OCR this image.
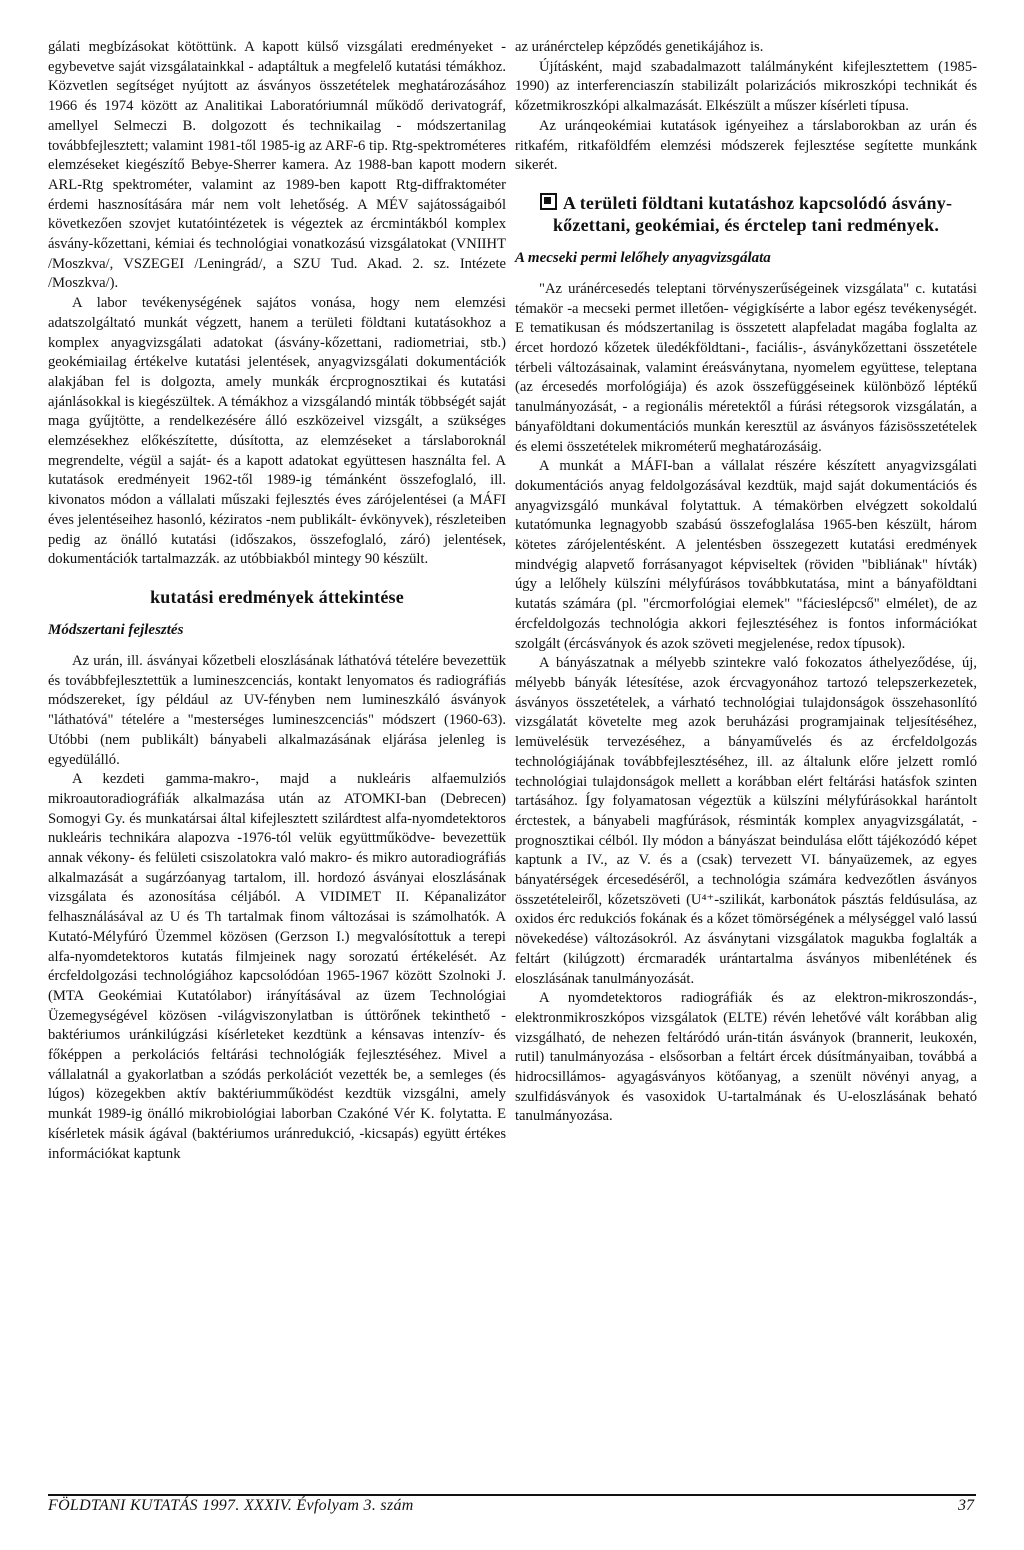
gálati megbízásokat kötöttünk. A kapott külső vizsgálati eredményeket - egybevetve saját vizsgálatainkkal - adaptáltuk a megfelelő kutatási témákhoz. Közvetlen segítséget nyújtott az ásványos összetételek meghatározásához 1966 és 1974 között az Analitikai Laboratóriumnál működő derivatográf, amellyel Selmeczi B. dolgozott és technikailag - módszertanilag továbbfejlesztett; valamint 1981-től 1985-ig az ARF-6 tip. Rtg-spektrométeres elemzéseket kiegészítő Bebye-Sherrer kamera. Az 1988-ban kapott modern ARL-Rtg spektrométer, valamint az 1989-ben kapott Rtg-diffraktométer érdemi hasznosítására már nem volt lehetőség. A MÉV sajátosságaiból következően szovjet kutatóintézetek is végeztek az ércmintákból komplex ásvány-kőzettani, kémiai és technológiai vonatkozású vizsgálatokat (VNIIHT /Moszkva/, VSZEGEI /Leningrád/, a SZU Tud. Akad. 2. sz. Intézete /Moszkva/).

A labor tevékenységének sajátos vonása, hogy nem elemzési adatszolgáltató munkát végzett, hanem a területi földtani kutatásokhoz a komplex anyagvizsgálati adatokat (ásvány-kőzettani, radiometriai, stb.) geokémiailag értékelve kutatási jelentések, anyagvizsgálati dokumentációk alakjában fel is dolgozta, amely munkák ércprognosztikai és kutatási ajánlásokkal is kiegészültek. A témákhoz a vizsgálandó minták többségét saját maga gyűjtötte, a rendelkezésére álló eszközeivel vizsgált, a szükséges elemzésekhez előkészítette, dúsította, az elemzéseket a társlaboroknál megrendelte, végül a saját- és a kapott adatokat együttesen használta fel. A kutatások eredményeit 1962-től 1989-ig témánként összefoglaló, ill. kivonatos módon a vállalati műszaki fejlesztés éves zárójelentései (a MÁFI éves jelentéseihez hasonló, kéziratos -nem publikált- évkönyvek), részleteiben pedig az önálló kutatási (időszakos, összefoglaló, záró) jelentések, dokumentációk tartalmazzák. az utóbbiakból mintegy 90 készült.

kutatási eredmények áttekintése
Módszertani fejlesztés

Az urán, ill. ásványai kőzetbeli eloszlásának láthatóvá tételére bevezettük és továbbfejlesztettük a lumineszcenciás, kontakt lenyomatos és radiográfiás módszereket, így például az UV-fényben nem lumineszkáló ásványok "láthatóvá" tételére a "mesterséges lumineszcenciás" módszert (1960-63). Utóbbi (nem publikált) bányabeli alkalmazásának eljárása jelenleg is egyedülálló.

A kezdeti gamma-makro-, majd a nukleáris alfaemulziós mikroautoradiográfiák alkalmazása után az ATOMKI-ban (Debrecen) Somogyi Gy. és munkatársai által kifejlesztett szilárdtest alfa-nyomdetektoros nukleáris technikára alapozva -1976-tól velük együttműködve- bevezettük annak vékony- és felületi csiszolatokra való makro- és mikro autoradiográfiás alkalmazását a sugárzóanyag tartalom, ill. hordozó ásványai eloszlásának vizsgálata és azonosítása céljából. A VIDIMET II. Képanalizátor felhasználásával az U és Th tartalmak finom változásai is számolhatók. A Kutató-Mélyfúró Üzemmel közösen (Gerzson I.) megvalósítottuk a terepi alfa-nyomdetektoros kutatás filmjeinek nagy sorozatú értékelését. Az ércfeldolgozási technológiához kapcsolódóan 1965-1967 között Szolnoki J. (MTA Geokémiai Kutatólabor) irányításával az üzem Technológiai Üzemegységével közösen -világviszonylatban is úttörőnek tekinthető -baktériumos uránkilúgzási kísérleteket kezdtünk a kénsavas intenzív- és főképpen a perkolációs feltárási technológiák fejlesztéséhez. Mivel a vállalatnál a gyakorlatban a szódás perkolációt vezették be, a semleges (és lúgos) közegekben aktív baktériumműködést kezdtük vizsgálni, amely munkát 1989-ig önálló mikrobiológiai laborban Czakóné Vér K. folytatta. E kísérletek másik ágával (baktériumos uránredukció, -kicsapás) együtt értékes információkat kaptunk

az uránérctelep képződés genetikájához is.

Újításként, majd szabadalmazott találmányként kifejlesztettem (1985-1990) az interferenciaszín stabilizált polarizációs mikroszkópi technikát és kőzetmikroszkópi alkalmazását. Elkészült a műszer kísérleti típusa.

Az uránqeokémiai kutatások igényeihez a társlaborokban az urán és ritkafém, ritkaföldfém elemzési módszerek fejlesztése segítette munkánk sikerét.

A területi földtani kutatáshoz kapcsolódó ásvány-kőzettani, geokémiai, és érctelep tani redmények.
A mecseki permi lelőhely anyagvizsgálata

"Az uránércesedés teleptani törvényszerűségeinek vizsgálata" c. kutatási témakör -a mecseki permet illetően- végigkísérte a labor egész tevékenységét. E tematikusan és módszertanilag is összetett alapfeladat magába foglalta az ércet hordozó kőzetek üledékföldtani-, faciális-, ásványkőzettani összetétele térbeli változásainak, valamint éreásványtana, nyomelem együttese, teleptana (az ércesedés morfológiája) és azok összefüggéseinek különböző léptékű tanulmányozását, - a regionális méretektől a fúrási rétegsorok vizsgálatán, a bányaföldtani dokumentációs munkán keresztül az ásványos fázisösszetételek és elemi összetételek mikrométerű meghatározásáig.

A munkát a MÁFI-ban a vállalat részére készített anyagvizsgálati dokumentációs anyag feldolgozásával kezdtük, majd saját dokumentációs és anyagvizsgáló munkával folytattuk. A témakörben elvégzett sokoldalú kutatómunka legnagyobb szabású összefoglalása 1965-ben készült, három kötetes zárójelentésként. A jelentésben összegezett kutatási eredmények mindvégig alapvető forrásanyagot képviseltek (röviden "bibliának" hívták) úgy a lelőhely külszíni mélyfúrásos továbbkutatása, mint a bányaföldtani kutatás számára (pl. "ércmorfológiai elemek" "fácieslépcső" elmélet), de az ércfeldolgozás technológia akkori fejlesztéséhez is fontos információkat szolgált (ércásványok és azok szöveti megjelenése, redox típusok).

A bányászatnak a mélyebb szintekre való fokozatos áthelyeződése, új, mélyebb bányák létesítése, azok ércvagyonához tartozó telepszerkezetek, ásványos összetételek, a várható technológiai tulajdonságok összehasonlító vizsgálatát követelte meg azok beruházási programjainak teljesítéséhez, lemüvelésük tervezéséhez, a bányaművelés és az ércfeldolgozás technológiájának továbbfejlesztéséhez, ill. az általunk előre jelzett romló technológiai tulajdonságok mellett a korábban elért feltárási hatásfok szinten tartásához. Így folyamatosan végeztük a külszíni mélyfúrásokkal harántolt érctestek, a bányabeli magfúrások, résminták komplex anyagvizsgálatát, - prognosztikai célból. Ily módon a bányászat beindulása előtt tájékozódó képet kaptunk a IV., az V. és a (csak) tervezett VI. bányaüzemek, az egyes bányatérségek ércesedéséről, a technológia számára kedvezőtlen ásványos összetételeiről, kőzetszöveti (U⁴⁺-szilikát, karbonátok pásztás feldúsulása, az oxidos érc redukciós fokának és a kőzet tömörségének a mélységgel való lassú növekedése) változásokról. Az ásványtani vizsgálatok magukba foglalták a feltárt (kilúgzott) ércmaradék urántartalma ásványos mibenlétének és eloszlásának tanulmányozását.

A nyomdetektoros radiográfiák és az elektron-mikroszondás-, elektronmikroszkópos vizsgálatok (ELTE) révén lehetővé vált korábban alig vizsgálható, de nehezen feltáródó urán-titán ásványok (brannerit, leukoxén, rutil) tanulmányozása - elsősorban a feltárt ércek dúsítmányaiban, továbbá a hidrocsillámos- agyagásványos kötőanyag, a szenült növényi anyag, a szulfidásványok és vasoxidok U-tartalmának és U-eloszlásának beható tanulmányozása.

FÖLDTANI KUTATÁS 1997. XXXIV. Évfolyam 3. szám	37
